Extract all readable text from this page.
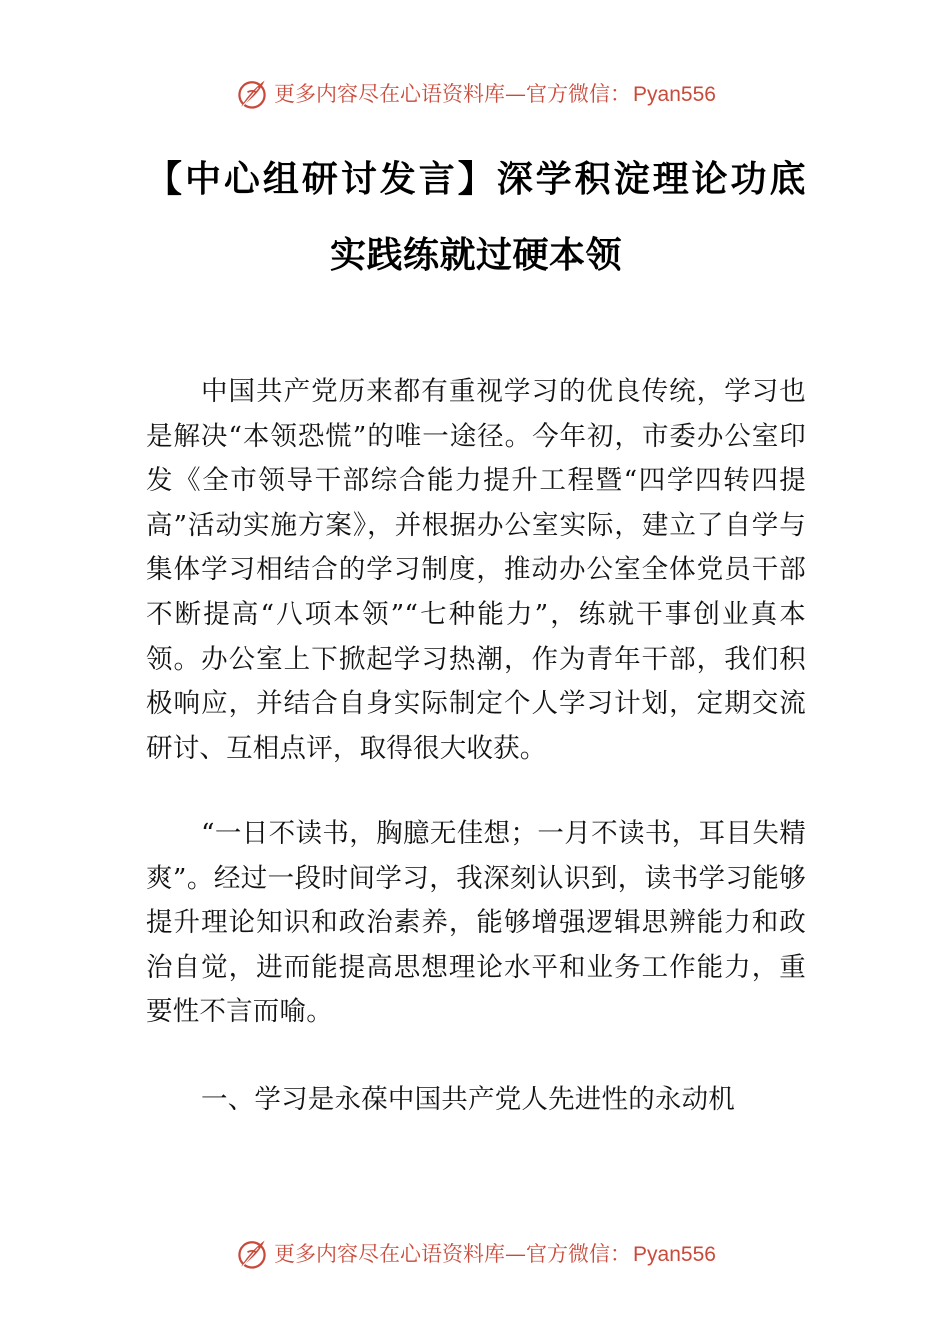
更多内容尽在心语资料库—官方微信： Pyan556
【中心组研讨发言】深学积淀理论功底 实践练就过硬本领

中国共产党历来都有重视学习的优良传统，学习也是解决“本领恐慌”的唯一途径。今年初，市委办公室印发《全市领导干部综合能力提升工程暨“四学四转四提高”活动实施方案》，并根据办公室实际，建立了自学与集体学习相结合的学习制度，推动办公室全体党员干部不断提高“八项本领”“七种能力”，练就干事创业真本领。办公室上下掀起学习热潮，作为青年干部，我们积极响应，并结合自身实际制定个人学习计划，定期交流研讨、互相点评，取得很大收获。

“一日不读书，胸臆无佳想；一月不读书，耳目失精爽”。经过一段时间学习，我深刻认识到，读书学习能够提升理论知识和政治素养，能够增强逻辑思辨能力和政治自觉，进而能提高思想理论水平和业务工作能力，重要性不言而喻。

一、学习是永葆中国共产党人先进性的永动机

更多内容尽在心语资料库—官方微信： Pyan556
